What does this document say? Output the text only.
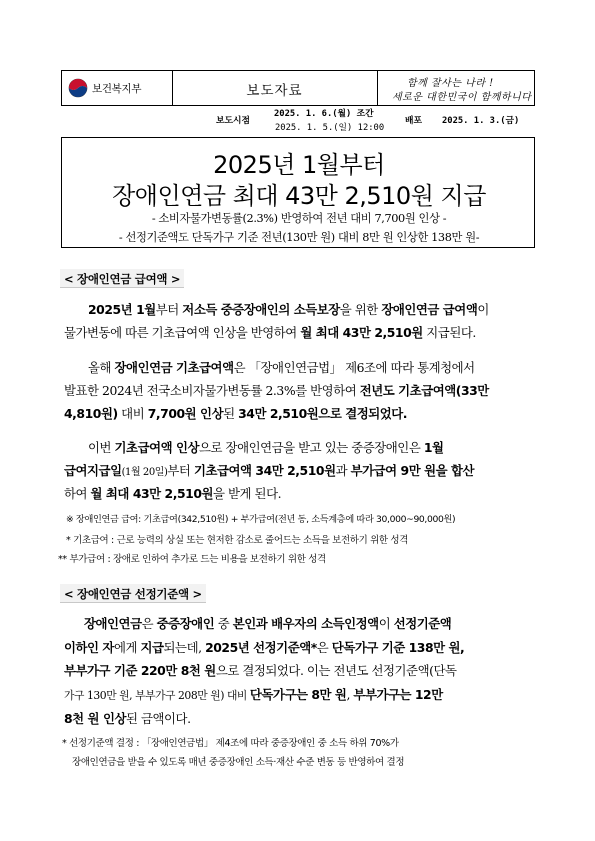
보건복지부	보도자료	함께 잘사는 나라 !
세로운 대한민국이 함께하니다
보도시점
2025. 1. 6.(월) 조간
2025. 1. 5.(일) 12:00
배포 2025. 1. 3.(금)
2025년 1월부터
장애인연금 최대 43만 2,510원 지급
- 소비자물가변동률(2.3%) 반영하여 전년 대비 7,700원 인상 -
- 선정기준액도 단독가구 기준 전년(130만 원) 대비 8만 원 인상한 138만 원-
< 장애인연금 급여액 >
2025년 1월부터 저소득 중증장애인의 소득보장을 위한 장애인연금 급여액이
물가변동에 따른 기초급여액 인상을 반영하여 월 최대 43만 2,510원 지급된다.
올해 장애인연금 기초급여액은 「장애인연금법」 제6조에 따라 통계청에서
발표한 2024년 전국소비자물가변동률 2.3%를 반영하여 전년도 기초급여액(33만
4,810원) 대비 7,700원 인상된 34만 2,510원으로 결정되었다.
이번 기초급여액 인상으로 장애인연금을 받고 있는 중증장애인은 1월
급여지급일(1월 20일)부터 기초급여액 34만 2,510원과 부가급여 9만 원을 합산
하여 월 최대 43만 2,510원을 받게 된다.
※ 장애인연금 급여: 기초급여(342,510원) + 부가급여(전년 동, 소득계층에 따라 30,000~90,000원)
* 기초급여 : 근로 능력의 상실 또는 현저한 감소로 줄어드는 소득을 보전하기 위한 성격
** 부가급여 : 장애로 인하여 추가로 드는 비용을 보전하기 위한 성격
< 장애인연금 선정기준액 >
장애인연금은 중증장애인 중 본인과 배우자의 소득인정액이 선정기준액
이하인 자에게 지급되는데, 2025년 선정기준액*은 단독가구 기준 138만 원,
부부가구 기준 220만 8천 원으로 결정되었다. 이는 전년도 선정기준액(단독
가구 130만 원, 부부가구 208만 원) 대비 단독가구는 8만 원, 부부가구는 12만
8천 원 인상된 금액이다.
* 선정기준액 결정 : 「장애인연금법」 제4조에 따라 중증장애인 중 소득 하위 70%가
장애인연금을 받을 수 있도록 매년 중증장애인 소득·재산 수준 변동 등 반영하여 결정
